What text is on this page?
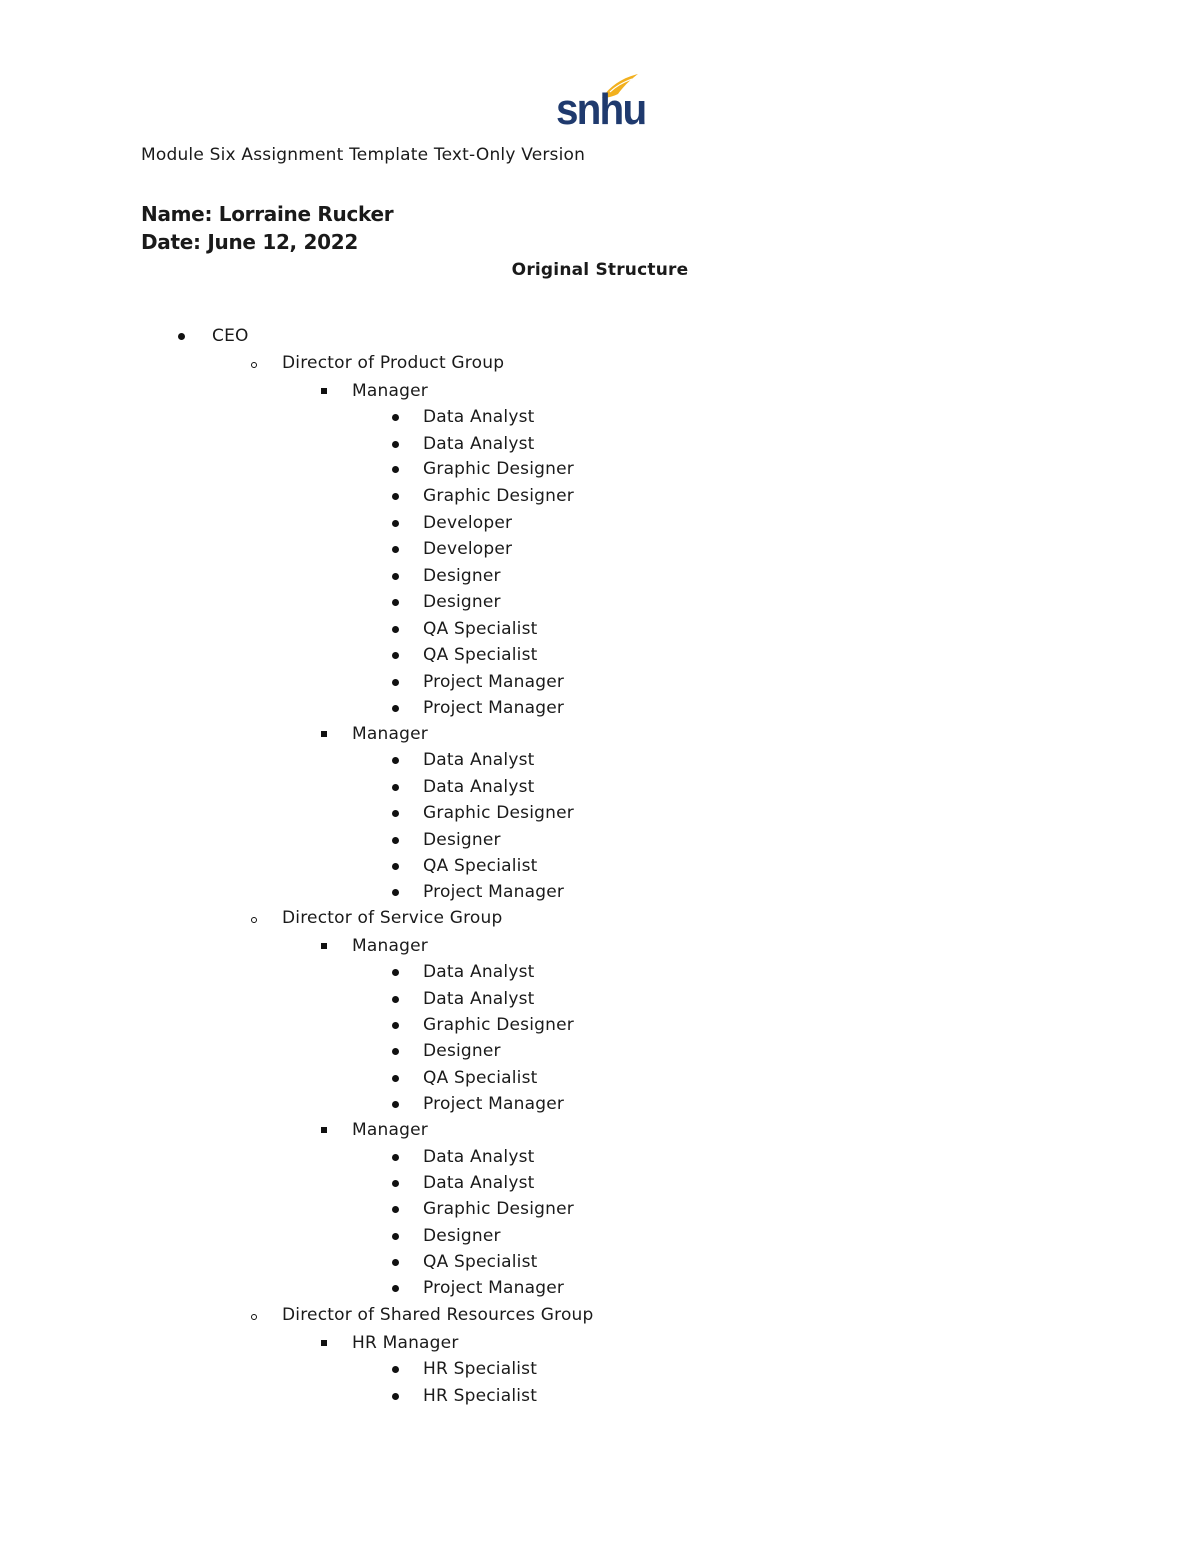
snhu
Module Six Assignment Template Text-Only Version
Name: Lorraine Rucker
Date: June 12, 2022
Original Structure
CEO
Director of Product Group
Manager
Data Analyst
Data Analyst
Graphic Designer
Graphic Designer
Developer
Developer
Designer
Designer
QA Specialist
QA Specialist
Project Manager
Project Manager
Manager
Data Analyst
Data Analyst
Graphic Designer
Designer
QA Specialist
Project Manager
Director of Service Group
Manager
Data Analyst
Data Analyst
Graphic Designer
Designer
QA Specialist
Project Manager
Manager
Data Analyst
Data Analyst
Graphic Designer
Designer
QA Specialist
Project Manager
Director of Shared Resources Group
HR Manager
HR Specialist
HR Specialist
